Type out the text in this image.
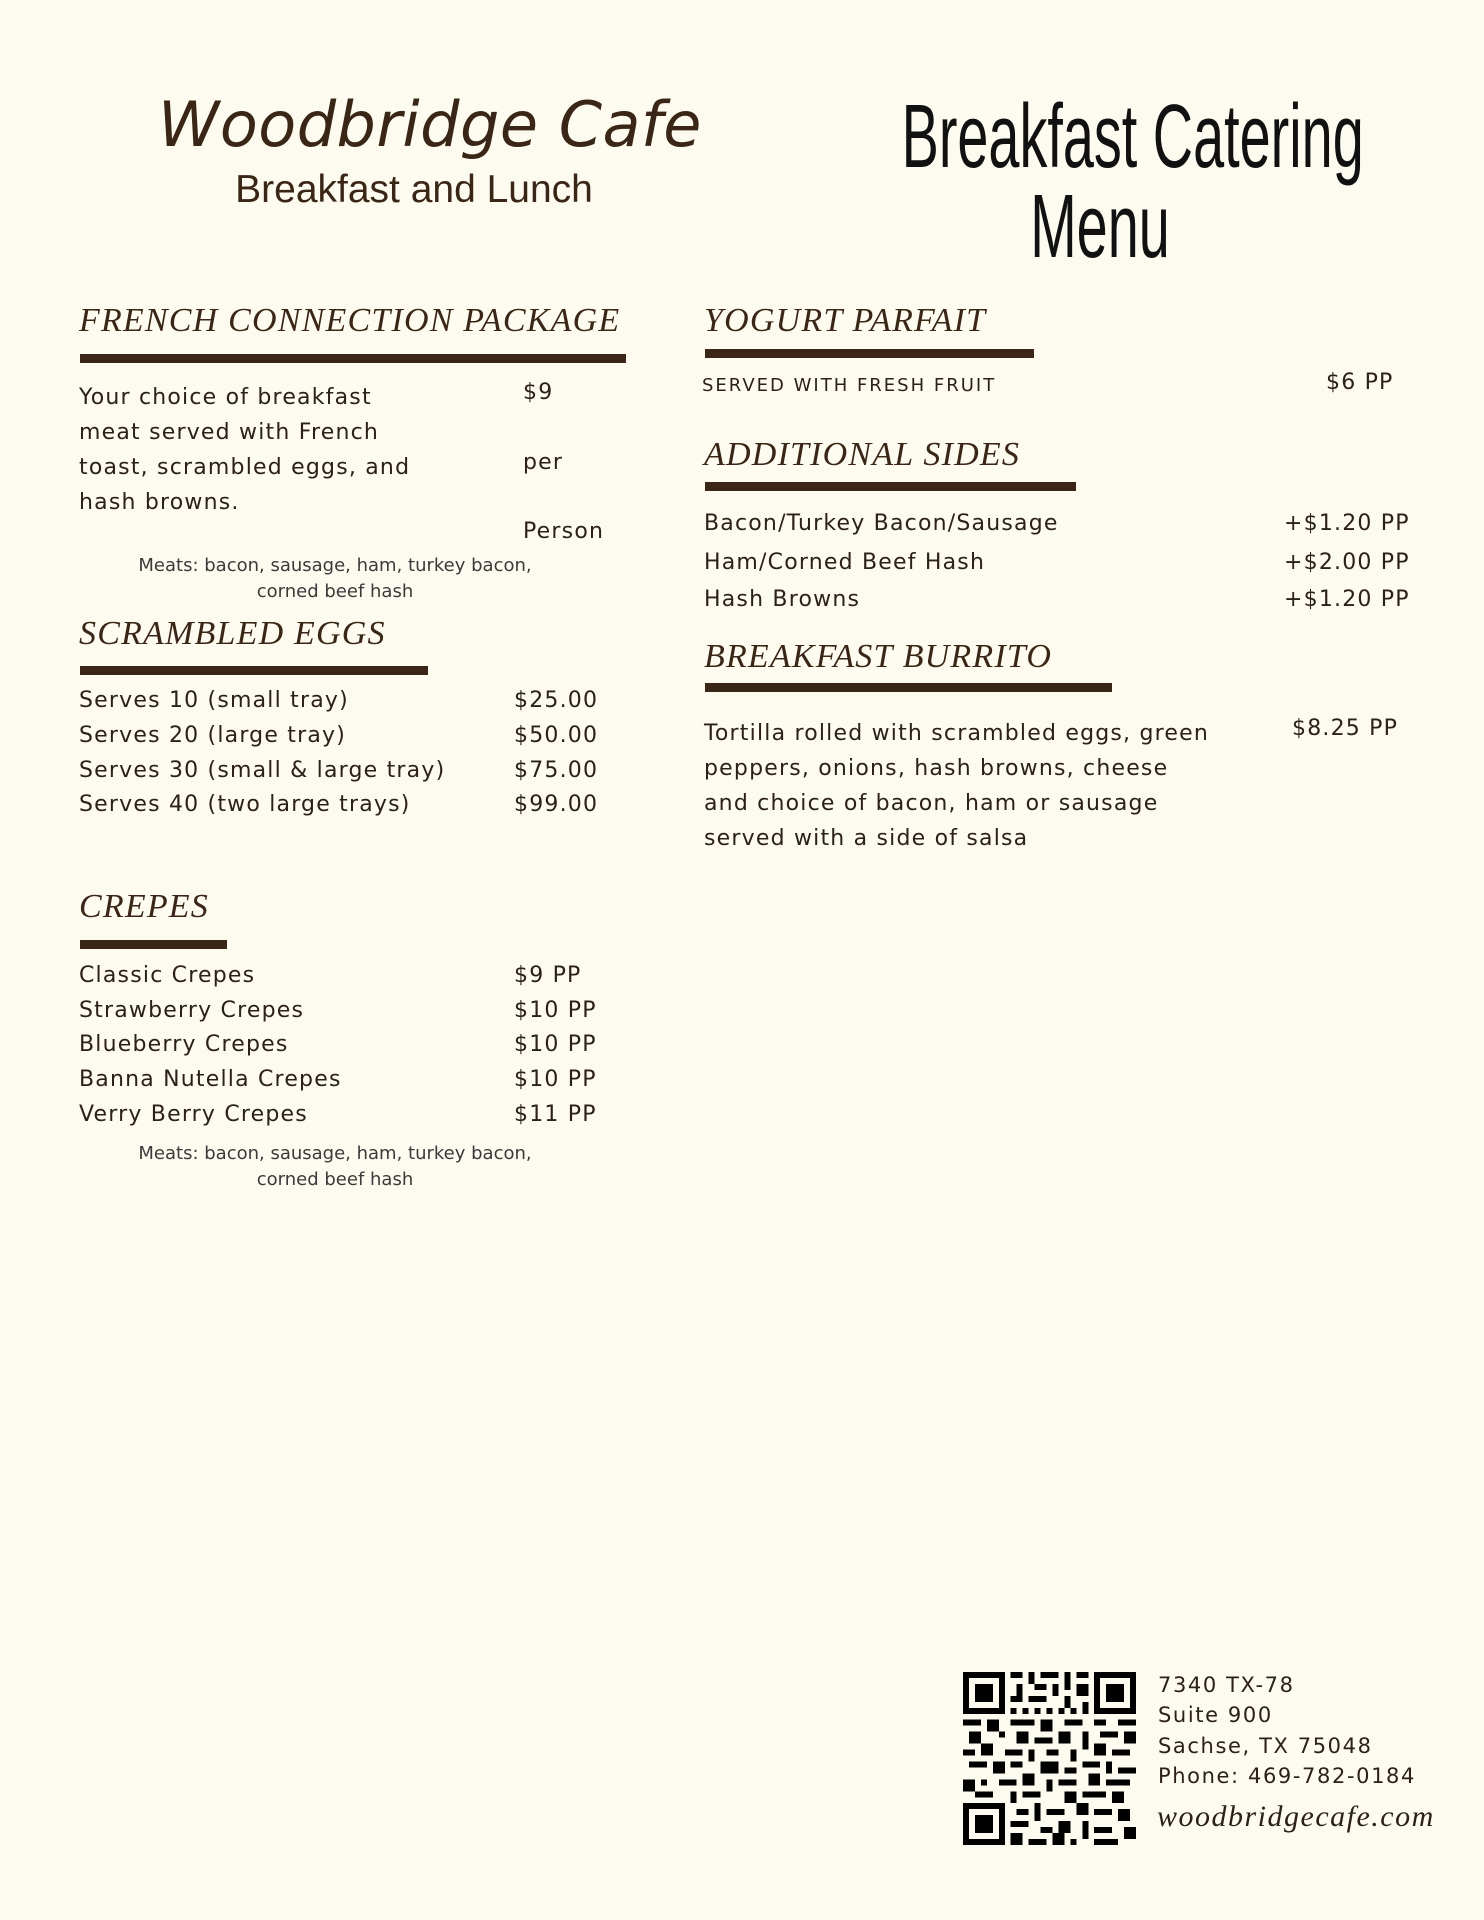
Woodbridge Cafe
Breakfast and Lunch
Breakfast Catering
Menu
FRENCH CONNECTION PACKAGE
Your choice of breakfast
meat served with French
toast, scrambled eggs, and
hash browns.
$9
per
Person
Meats: bacon, sausage, ham, turkey bacon,
corned beef hash
SCRAMBLED EGGS
Serves 10 (small tray)	$25.00
Serves 20 (large tray)	$50.00
Serves 30 (small & large tray)	$75.00
Serves 40 (two large trays)	$99.00
CREPES
Classic Crepes	$9 PP
Strawberry Crepes	$10 PP
Blueberry Crepes	$10 PP
Banna Nutella Crepes	$10 PP
Verry Berry Crepes	$11 PP
Meats: bacon, sausage, ham, turkey bacon,
corned beef hash
YOGURT PARFAIT
SERVED WITH FRESH FRUIT	$6 PP
ADDITIONAL SIDES
Bacon/Turkey Bacon/Sausage	+$1.20 PP
Ham/Corned Beef Hash	+$2.00 PP
Hash Browns	+$1.20 PP
BREAKFAST BURRITO
Tortilla rolled with scrambled eggs, green
peppers, onions, hash browns, cheese
and choice of bacon, ham or sausage
served with a side of salsa
$8.25 PP
7340 TX-78
Suite 900
Sachse, TX 75048
Phone: 469-782-0184
woodbridgecafe.com
